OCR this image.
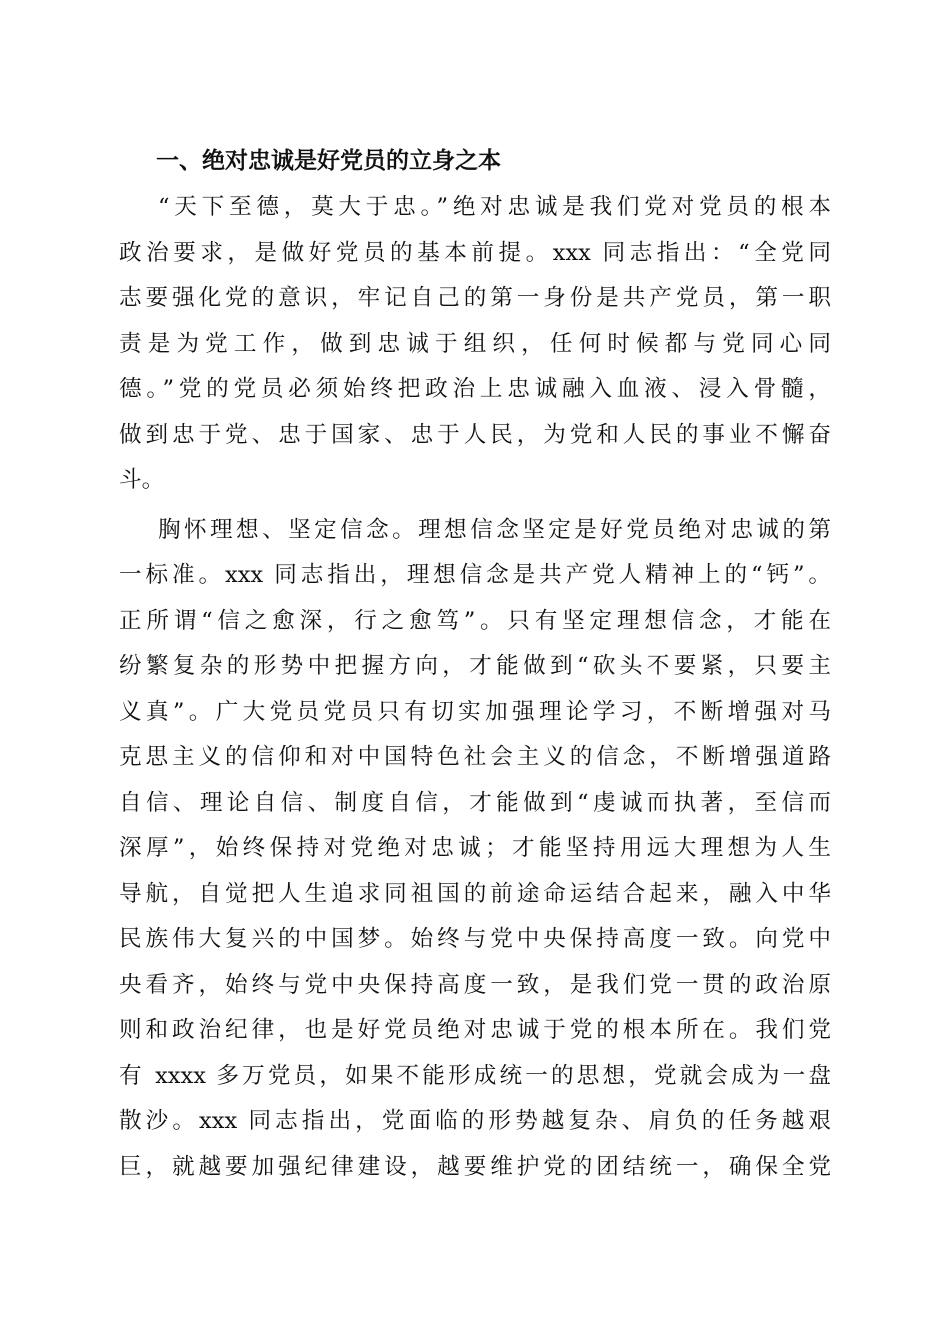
一、绝对忠诚是好党员的立身之本

“天下至德，莫大于忠。”绝对忠诚是我们党对党员的根本

政治要求，是做好党员的基本前提。xxx 同志指出：“全党同

志要强化党的意识，牢记自己的第一身份是共产党员，第一职

责是为党工作，做到忠诚于组织，任何时候都与党同心同

德。”党的党员必须始终把政治上忠诚融入血液、浸入骨髓，

做到忠于党、忠于国家、忠于人民，为党和人民的事业不懈奋

斗。

胸怀理想、坚定信念。理想信念坚定是好党员绝对忠诚的第

一标准。xxx 同志指出，理想信念是共产党人精神上的“钙”。

正所谓“信之愈深，行之愈笃”。只有坚定理想信念，才能在

纷繁复杂的形势中把握方向，才能做到“砍头不要紧，只要主

义真”。广大党员党员只有切实加强理论学习，不断增强对马

克思主义的信仰和对中国特色社会主义的信念，不断增强道路

自信、理论自信、制度自信，才能做到“虔诚而执著，至信而

深厚”，始终保持对党绝对忠诚；才能坚持用远大理想为人生

导航，自觉把人生追求同祖国的前途命运结合起来，融入中华

民族伟大复兴的中国梦。始终与党中央保持高度一致。向党中

央看齐，始终与党中央保持高度一致，是我们党一贯的政治原

则和政治纪律，也是好党员绝对忠诚于党的根本所在。我们党

有 xxxx 多万党员，如果不能形成统一的思想，党就会成为一盘

散沙。xxx 同志指出，党面临的形势越复杂、肩负的任务越艰

巨，就越要加强纪律建设，越要维护党的团结统一，确保全党
